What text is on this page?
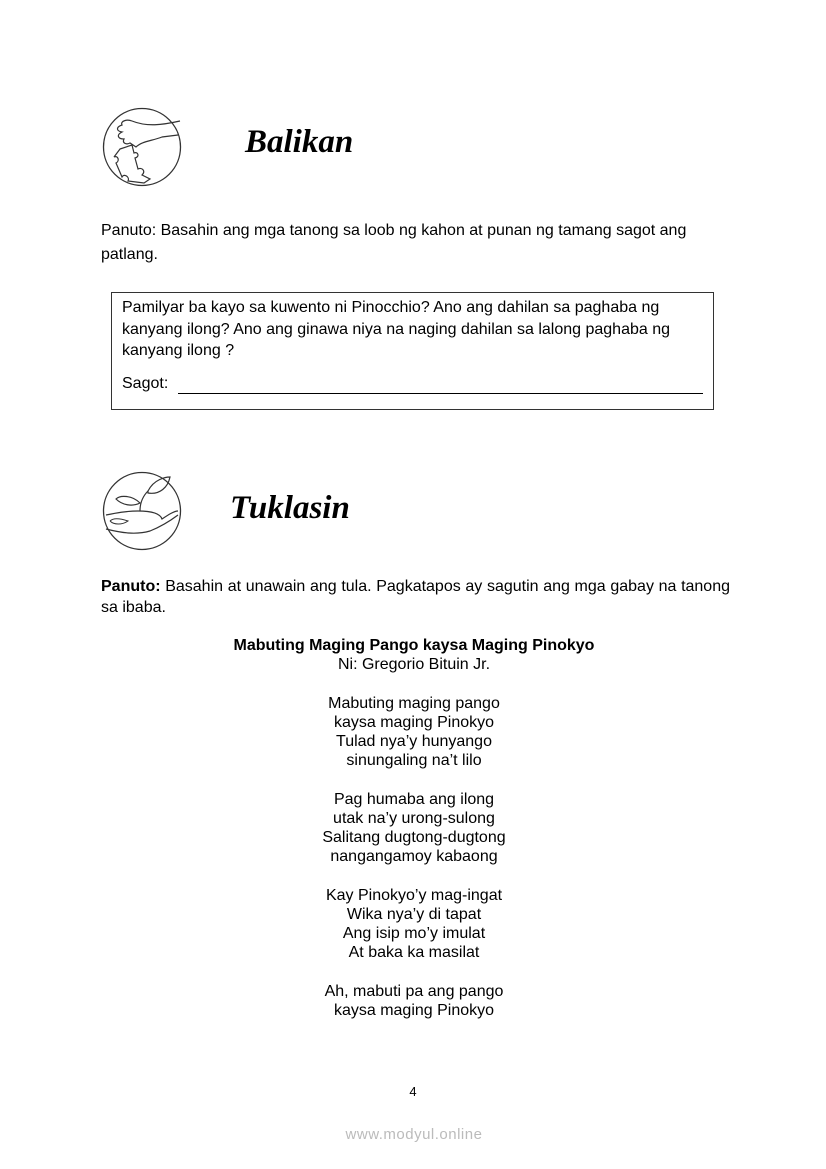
Balikan
Panuto: Basahin ang mga tanong sa loob ng kahon at punan ng tamang sagot ang patlang.
Pamilyar ba kayo sa kuwento ni Pinocchio? Ano ang dahilan sa paghaba ng kanyang ilong? Ano ang ginawa niya na naging dahilan sa lalong paghaba ng kanyang ilong ?
Sagot:
Tuklasin
Panuto: Basahin at unawain ang tula. Pagkatapos ay sagutin ang mga gabay na tanong sa ibaba.
Mabuting Maging Pango kaysa Maging Pinokyo
Ni: Gregorio Bituin Jr.
Mabuting maging pango
kaysa maging Pinokyo
Tulad nya’y hunyango
sinungaling na’t lilo
Pag humaba ang ilong
utak na’y urong-sulong
Salitang dugtong-dugtong
nangangamoy kabaong
Kay Pinokyo’y mag-ingat
Wika nya’y di tapat
Ang isip mo’y imulat
At baka ka masilat
Ah, mabuti pa ang pango
kaysa maging Pinokyo
4
www.modyul.online
